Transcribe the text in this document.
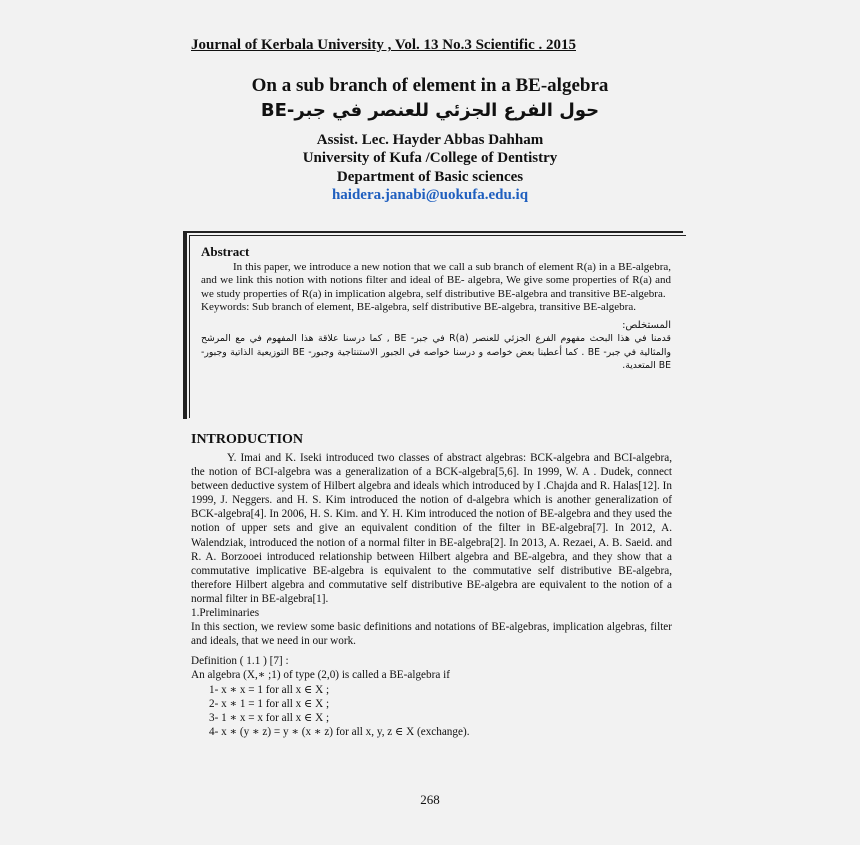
Journal of Kerbala University , Vol. 13 No.3 Scientific . 2015
On a sub branch of element in a BE-algebra
حول الفرع الجزئي للعنصر في جبر-BE
Assist. Lec. Hayder Abbas Dahham
University of Kufa /College of Dentistry
Department of Basic sciences
haidera.janabi@uokufa.edu.iq
Abstract

In this paper, we introduce a new notion that we call a sub branch of element R(a) in a BE-algebra, and we link this notion with notions filter and ideal of BE- algebra, We give some properties of R(a) and we study properties of R(a) in implication algebra, self distributive BE-algebra and transitive BE-algebra.

Keywords: Sub branch of element, BE-algebra, self distributive BE-algebra, transitive BE-algebra.

المستخلص:

قدمنا في هذا البحث مفهوم الفرع الجزئي للعنصر R(a) في جبر- BE , كما درسنا علاقة هذا المفهوم في مع المرشح والمثالية في جبر- BE . كما أعطينا بعض خواصه و درسنا خواصه في الجبور الاستنتاجية وجبور- BE التوزيعية الذاتية وجبور- BE المتعدية.

INTRODUCTION

Y. Imai and K. Iseki introduced two classes of abstract algebras: BCK-algebra and BCI-algebra, the notion of BCI-algebra was a generalization of a BCK-algebra[5,6]. In 1999, W. A . Dudek, connect between deductive system of Hilbert algebra and ideals which introduced by I .Chajda and R. Halas[12]. In 1999, J. Neggers. and H. S. Kim introduced the notion of d-algebra which is another generalization of BCK-algebra[4]. In 2006, H. S. Kim. and Y. H. Kim introduced the notion of BE-algebra and they used the notion of upper sets and give an equivalent condition of the filter in BE-algebra[7]. In 2012, A. Walendziak, introduced the notion of a normal filter in BE-algebra[2]. In 2013, A. Rezaei, A. B. Saeid. and R. A. Borzooei introduced relationship between Hilbert algebra and BE-algebra, and they show that a commutative implicative BE-algebra is equivalent to the commutative self distributive BE-algebra, therefore Hilbert algebra and commutative self distributive BE-algebra are equivalent to the notion of a normal filter in BE-algebra[1].

1.Preliminaries

In this section, we review some basic definitions and notations of BE-algebras, implication algebras, filter and ideals, that we need in our work.

Definition ( 1.1 ) [7] :

An algebra (X,∗ ;1) of type (2,0) is called a BE-algebra if

1- x ∗ x = 1 for all x ∈ X ;
2- x ∗ 1 = 1 for all x ∈ X ;
3- 1 ∗ x = x for all x ∈ X ;
4- x ∗ (y ∗ z) = y ∗ (x ∗ z) for all x, y, z ∈ X (exchange).
268
